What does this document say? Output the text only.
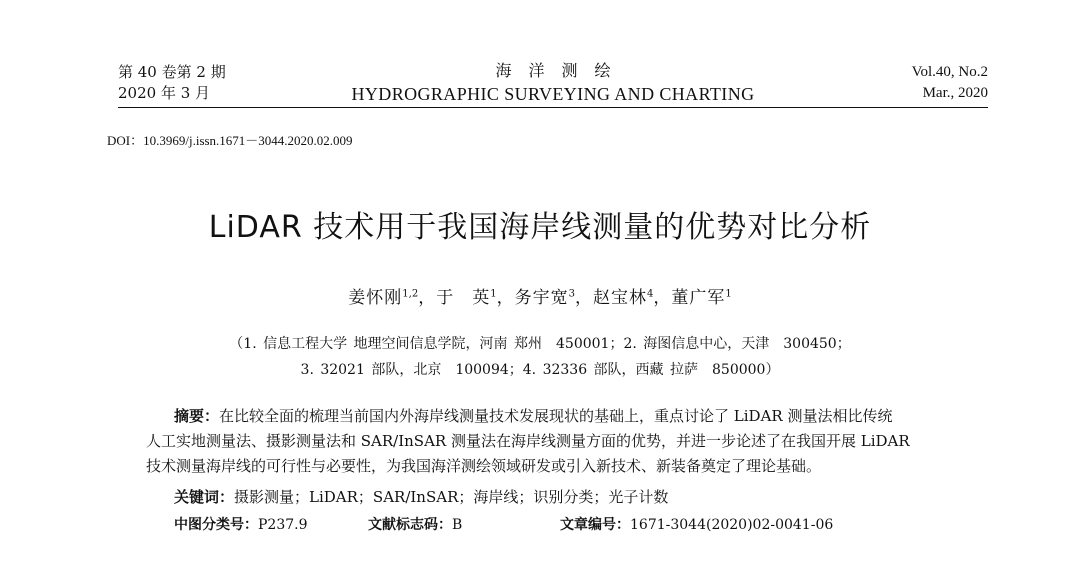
第 40 卷第 2 期
2020 年 3 月
海洋测绘
HYDROGRAPHIC SURVEYING AND CHARTING
Vol.40, No.2
Mar., 2020
DOI：10.3969/j.issn.1671－3044.2020.02.009
LiDAR 技术用于我国海岸线测量的优势对比分析
姜怀刚$^{1,2}$，于　英$^1$，务宇宽$^3$，赵宝林$^4$，董广军$^1$
（1. 信息工程大学 地理空间信息学院，河南 郑州　450001；2. 海图信息中心，天津　300450；
3. 32021 部队，北京　100094；4. 32336 部队，西藏 拉萨　850000）
摘要：在比较全面的梳理当前国内外海岸线测量技术发展现状的基础上，重点讨论了 LiDAR 测量法相比传统
人工实地测量法、摄影测量法和 SAR/InSAR 测量法在海岸线测量方面的优势，并进一步论述了在我国开展 LiDAR
技术测量海岸线的可行性与必要性，为我国海洋测绘领域研发或引入新技术、新装备奠定了理论基础。
关键词：摄影测量；LiDAR；SAR/InSAR；海岸线；识别分类；光子计数
中图分类号：P237.9	文献标志码：B	文章编号：1671-3044(2020)02-0041-06
